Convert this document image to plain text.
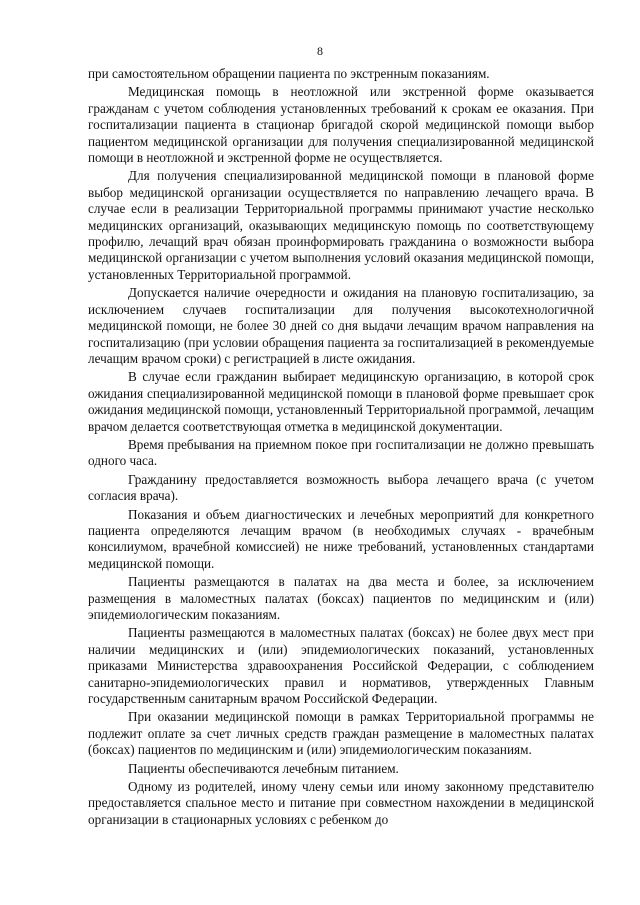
8

при самостоятельном обращении пациента по экстренным показаниям.

Медицинская помощь в неотложной или экстренной форме оказывается гражданам с учетом соблюдения установленных требований к срокам ее оказания. При госпитализации пациента в стационар бригадой скорой медицинской помощи выбор пациентом медицинской организации для получения специализированной медицинской помощи в неотложной и экстренной форме не осуществляется.

Для получения специализированной медицинской помощи в плановой форме выбор медицинской организации осуществляется по направлению лечащего врача. В случае если в реализации Территориальной программы принимают участие несколько медицинских организаций, оказывающих медицинскую помощь по соответствующему профилю, лечащий врач обязан проинформировать гражданина о возможности выбора медицинской организации с учетом выполнения условий оказания медицинской помощи, установленных Территориальной программой.

Допускается наличие очередности и ожидания на плановую госпитализацию, за исключением случаев госпитализации для получения высокотехнологичной медицинской помощи, не более 30 дней со дня выдачи лечащим врачом направления на госпитализацию (при условии обращения пациента за госпитализацией в рекомендуемые лечащим врачом сроки) с регистрацией в листе ожидания.

В случае если гражданин выбирает медицинскую организацию, в которой срок ожидания специализированной медицинской помощи в плановой форме превышает срок ожидания медицинской помощи, установленный Территориальной программой, лечащим врачом делается соответствующая отметка в медицинской документации.

Время пребывания на приемном покое при госпитализации не должно превышать одного часа.

Гражданину предоставляется возможность выбора лечащего врача (с учетом согласия врача).

Показания и объем диагностических и лечебных мероприятий для конкретного пациента определяются лечащим врачом (в необходимых случаях - врачебным консилиумом, врачебной комиссией) не ниже требований, установленных стандартами медицинской помощи.

Пациенты размещаются в палатах на два места и более, за исключением размещения в маломестных палатах (боксах) пациентов по медицинским и (или) эпидемиологическим показаниям.

Пациенты размещаются в маломестных палатах (боксах) не более двух мест при наличии медицинских и (или) эпидемиологических показаний, установленных приказами Министерства здравоохранения Российской Федерации, с соблюдением санитарно-эпидемиологических правил и нормативов, утвержденных Главным государственным санитарным врачом Российской Федерации.

При оказании медицинской помощи в рамках Территориальной программы не подлежит оплате за счет личных средств граждан размещение в маломестных палатах (боксах) пациентов по медицинским и (или) эпидемиологическим показаниям.

Пациенты обеспечиваются лечебным питанием.

Одному из родителей, иному члену семьи или иному законному представителю предоставляется спальное место и питание при совместном нахождении в медицинской организации в стационарных условиях с ребенком до
